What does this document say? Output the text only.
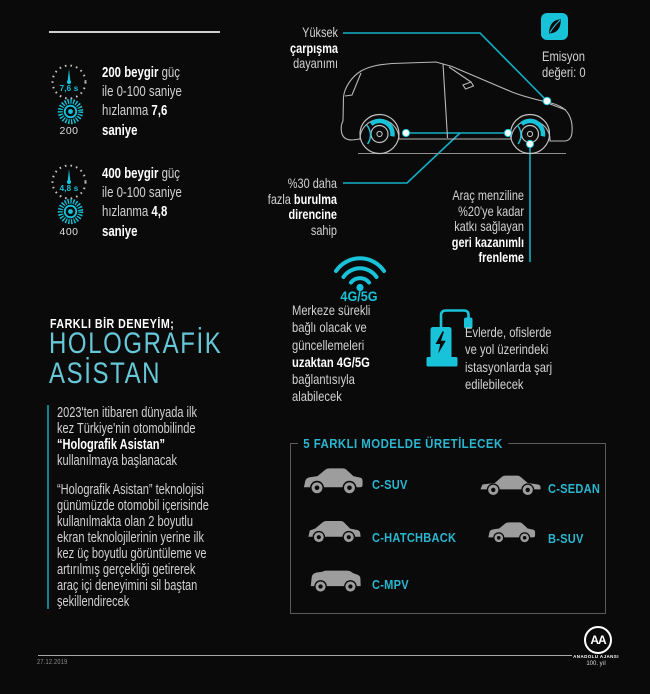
7,6 s
200
200 beygir güç
ile 0-100 saniye
hızlanma 7,6
saniye
4,8 s
400
400 beygir güç
ile 0-100 saniye
hızlanma 4,8
saniye
Yüksek
çarpışma
dayanımı	Emisyon
değeri: 0
%30 daha
fazla burulma
direncine
sahip
Araç menziline
%20'ye kadar
katkı sağlayan
geri kazanımlı
frenleme
4G/5G
Merkeze sürekli
bağlı olacak ve
güncellemeleri
uzaktan 4G/5G
bağlantısıyla
alabilecek
Evlerde, ofislerde
ve yol üzerindeki
istasyonlarda şarj
edilebilecek
FARKLI BİR DENEYİM;
HOLOGRAFİK
ASİSTAN
2023'ten itibaren dünyada ilk
kez Türkiye'nin otomobilinde
“Holografik Asistan”
kullanılmaya başlanacak
“Holografik Asistan” teknolojisi
günümüzde otomobil içerisinde
kullanılmakta olan 2 boyutlu
ekran teknolojilerinin yerine ilk
kez üç boyutlu görüntüleme ve
artırılmış gerçekliği getirerek
araç içi deneyimini sil baştan
şekillendirecek
5 FARKLI MODELDE ÜRETİLECEK
C-SUV	C-SEDAN
C-HATCHBACK	B-SUV
C-MPV
27.12.2019
AA
ANADOLU AJANSI
100. yıl
